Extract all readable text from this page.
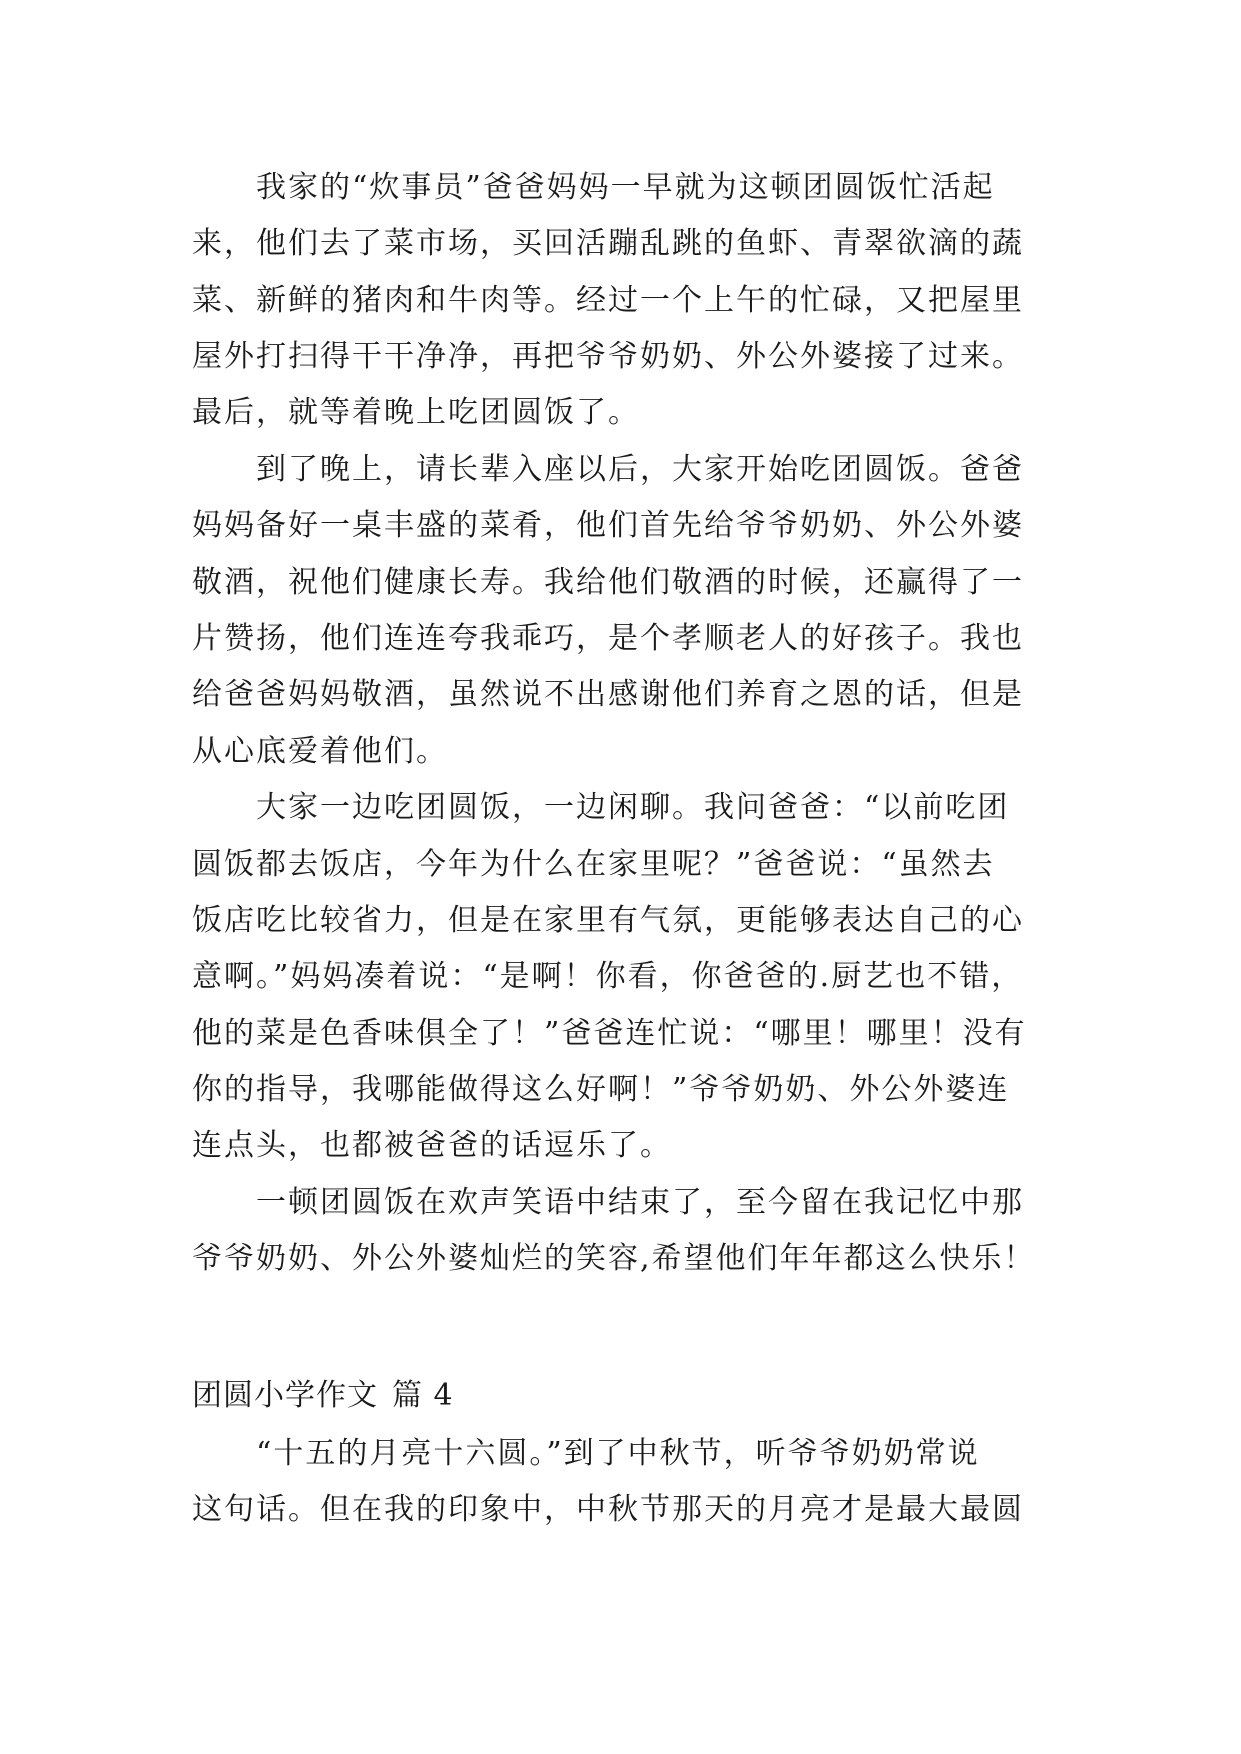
我家的“炊事员”爸爸妈妈一早就为这顿团圆饭忙活起
来，他们去了菜市场，买回活蹦乱跳的鱼虾、青翠欲滴的蔬
菜、新鲜的猪肉和牛肉等。经过一个上午的忙碌，又把屋里
屋外打扫得干干净净，再把爷爷奶奶、外公外婆接了过来。
最后，就等着晚上吃团圆饭了。
到了晚上，请长辈入座以后，大家开始吃团圆饭。爸爸
妈妈备好一桌丰盛的菜肴，他们首先给爷爷奶奶、外公外婆
敬酒，祝他们健康长寿。我给他们敬酒的时候，还赢得了一
片赞扬，他们连连夸我乖巧，是个孝顺老人的好孩子。我也
给爸爸妈妈敬酒，虽然说不出感谢他们养育之恩的话，但是
从心底爱着他们。
大家一边吃团圆饭，一边闲聊。我问爸爸：“以前吃团
圆饭都去饭店，今年为什么在家里呢？”爸爸说：“虽然去
饭店吃比较省力，但是在家里有气氛，更能够表达自己的心
意啊。”妈妈凑着说：“是啊！你看，你爸爸的.厨艺也不错，
他的菜是色香味俱全了！”爸爸连忙说：“哪里！哪里！没有
你的指导，我哪能做得这么好啊！”爷爷奶奶、外公外婆连
连点头，也都被爸爸的话逗乐了。
一顿团圆饭在欢声笑语中结束了，至今留在我记忆中那
爷爷奶奶、外公外婆灿烂的笑容,希望他们年年都这么快乐！
团圆小学作文 篇 4
“十五的月亮十六圆。”到了中秋节，听爷爷奶奶常说
这句话。但在我的印象中，中秋节那天的月亮才是最大最圆
